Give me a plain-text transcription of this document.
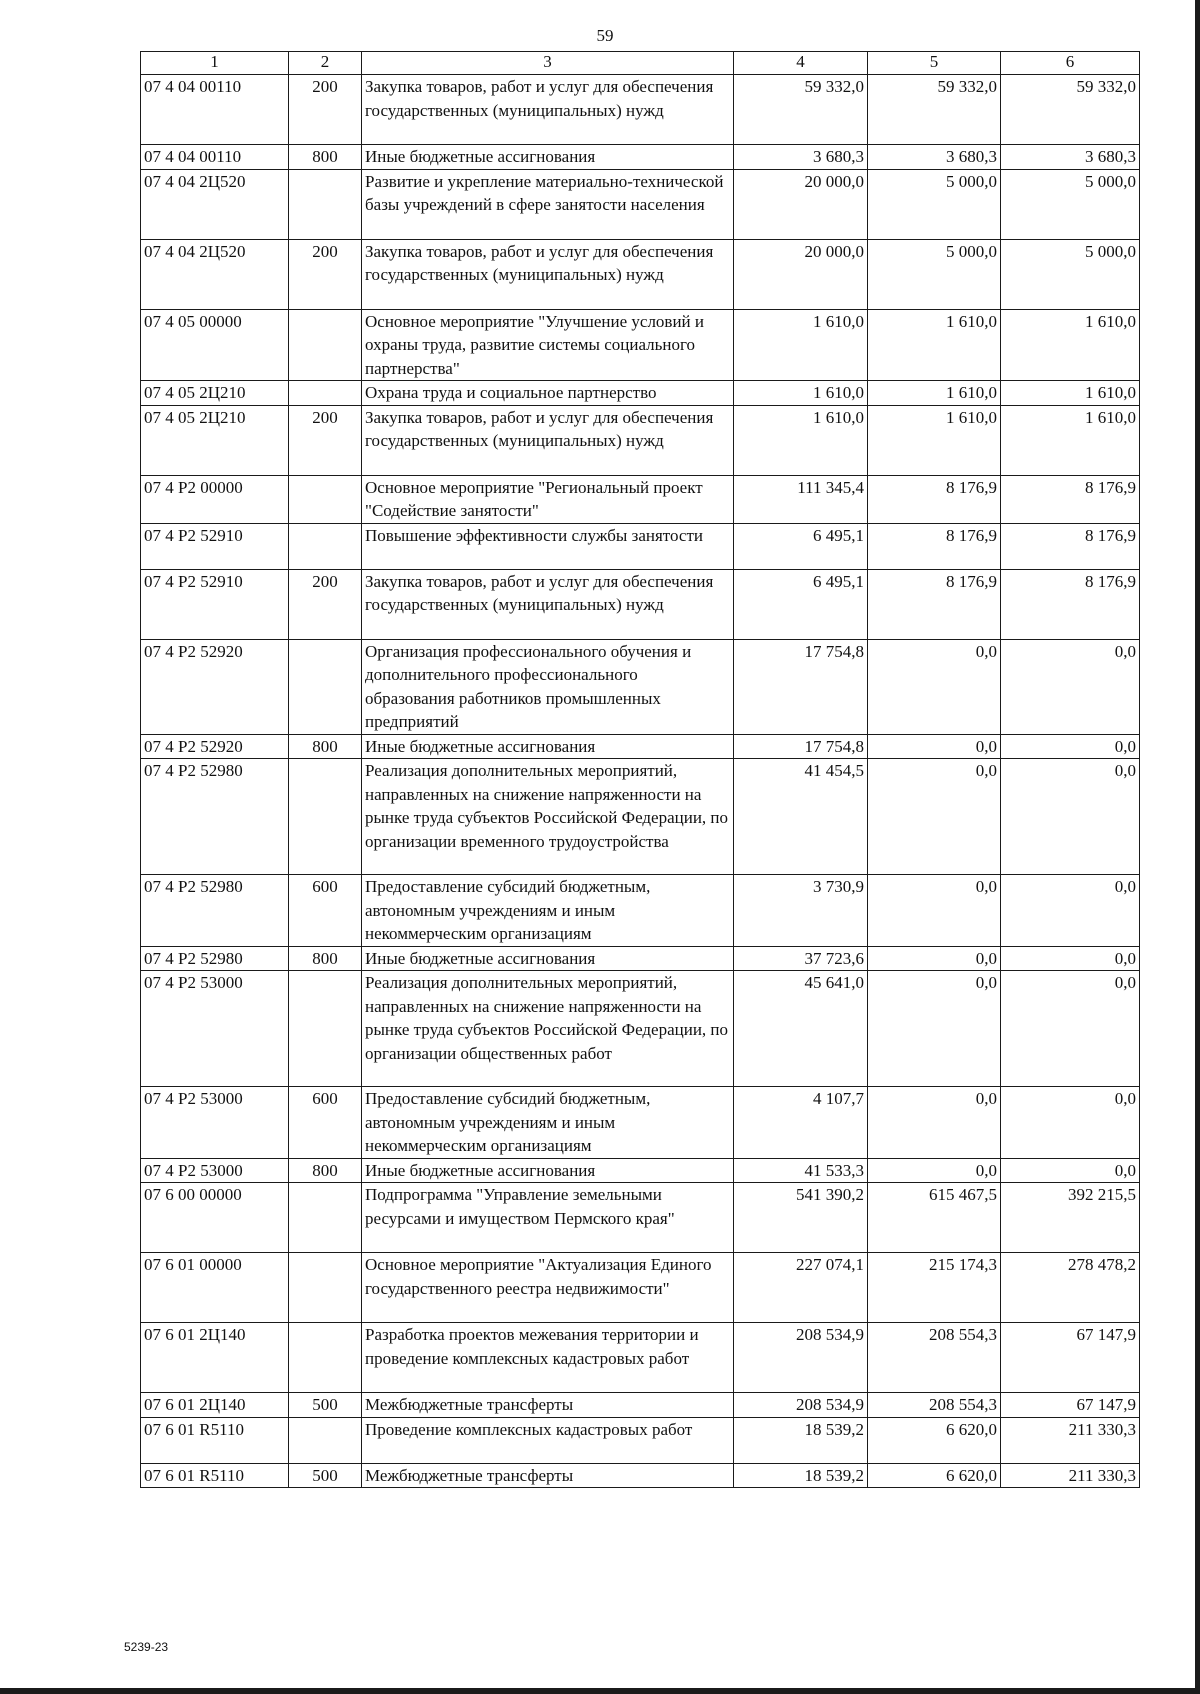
59
1	2	3	4	5	6
07 4 04 00110	200	Закупка товаров, работ и услуг для обеспечения государственных (муниципальных) нужд	59 332,0	59 332,0	59 332,0
07 4 04 00110	800	Иные бюджетные ассигнования	3 680,3	3 680,3	3 680,3
07 4 04 2Ц520		Развитие и укрепление материально-технической базы учреждений в сфере занятости населения	20 000,0	5 000,0	5 000,0
07 4 04 2Ц520	200	Закупка товаров, работ и услуг для обеспечения государственных (муниципальных) нужд	20 000,0	5 000,0	5 000,0
07 4 05 00000		Основное мероприятие "Улучшение условий и охраны труда, развитие системы социального партнерства"	1 610,0	1 610,0	1 610,0
07 4 05 2Ц210		Охрана труда и социальное партнерство	1 610,0	1 610,0	1 610,0
07 4 05 2Ц210	200	Закупка товаров, работ и услуг для обеспечения государственных (муниципальных) нужд	1 610,0	1 610,0	1 610,0
07 4 P2 00000		Основное мероприятие "Региональный проект "Содействие занятости"	111 345,4	8 176,9	8 176,9
07 4 P2 52910		Повышение эффективности службы занятости	6 495,1	8 176,9	8 176,9
07 4 P2 52910	200	Закупка товаров, работ и услуг для обеспечения государственных (муниципальных) нужд	6 495,1	8 176,9	8 176,9
07 4 P2 52920		Организация профессионального обучения и дополнительного профессионального образования работников промышленных предприятий	17 754,8	0,0	0,0
07 4 P2 52920	800	Иные бюджетные ассигнования	17 754,8	0,0	0,0
07 4 P2 52980		Реализация дополнительных мероприятий, направленных на снижение напряженности на рынке труда субъектов Российской Федерации, по организации временного трудоустройства	41 454,5	0,0	0,0
07 4 P2 52980	600	Предоставление субсидий бюджетным, автономным учреждениям и иным некоммерческим организациям	3 730,9	0,0	0,0
07 4 P2 52980	800	Иные бюджетные ассигнования	37 723,6	0,0	0,0
07 4 P2 53000		Реализация дополнительных мероприятий, направленных на снижение напряженности на рынке труда субъектов Российской Федерации, по организации общественных работ	45 641,0	0,0	0,0
07 4 P2 53000	600	Предоставление субсидий бюджетным, автономным учреждениям и иным некоммерческим организациям	4 107,7	0,0	0,0
07 4 P2 53000	800	Иные бюджетные ассигнования	41 533,3	0,0	0,0
07 6 00 00000		Подпрограмма "Управление земельными ресурсами и имуществом Пермского края"	541 390,2	615 467,5	392 215,5
07 6 01 00000		Основное мероприятие "Актуализация Единого государственного реестра недвижимости"	227 074,1	215 174,3	278 478,2
07 6 01 2Ц140		Разработка проектов межевания территории и проведение комплексных кадастровых работ	208 534,9	208 554,3	67 147,9
07 6 01 2Ц140	500	Межбюджетные трансферты	208 534,9	208 554,3	67 147,9
07 6 01 R5110		Проведение комплексных кадастровых работ	18 539,2	6 620,0	211 330,3
07 6 01 R5110	500	Межбюджетные трансферты	18 539,2	6 620,0	211 330,3
5239-23
